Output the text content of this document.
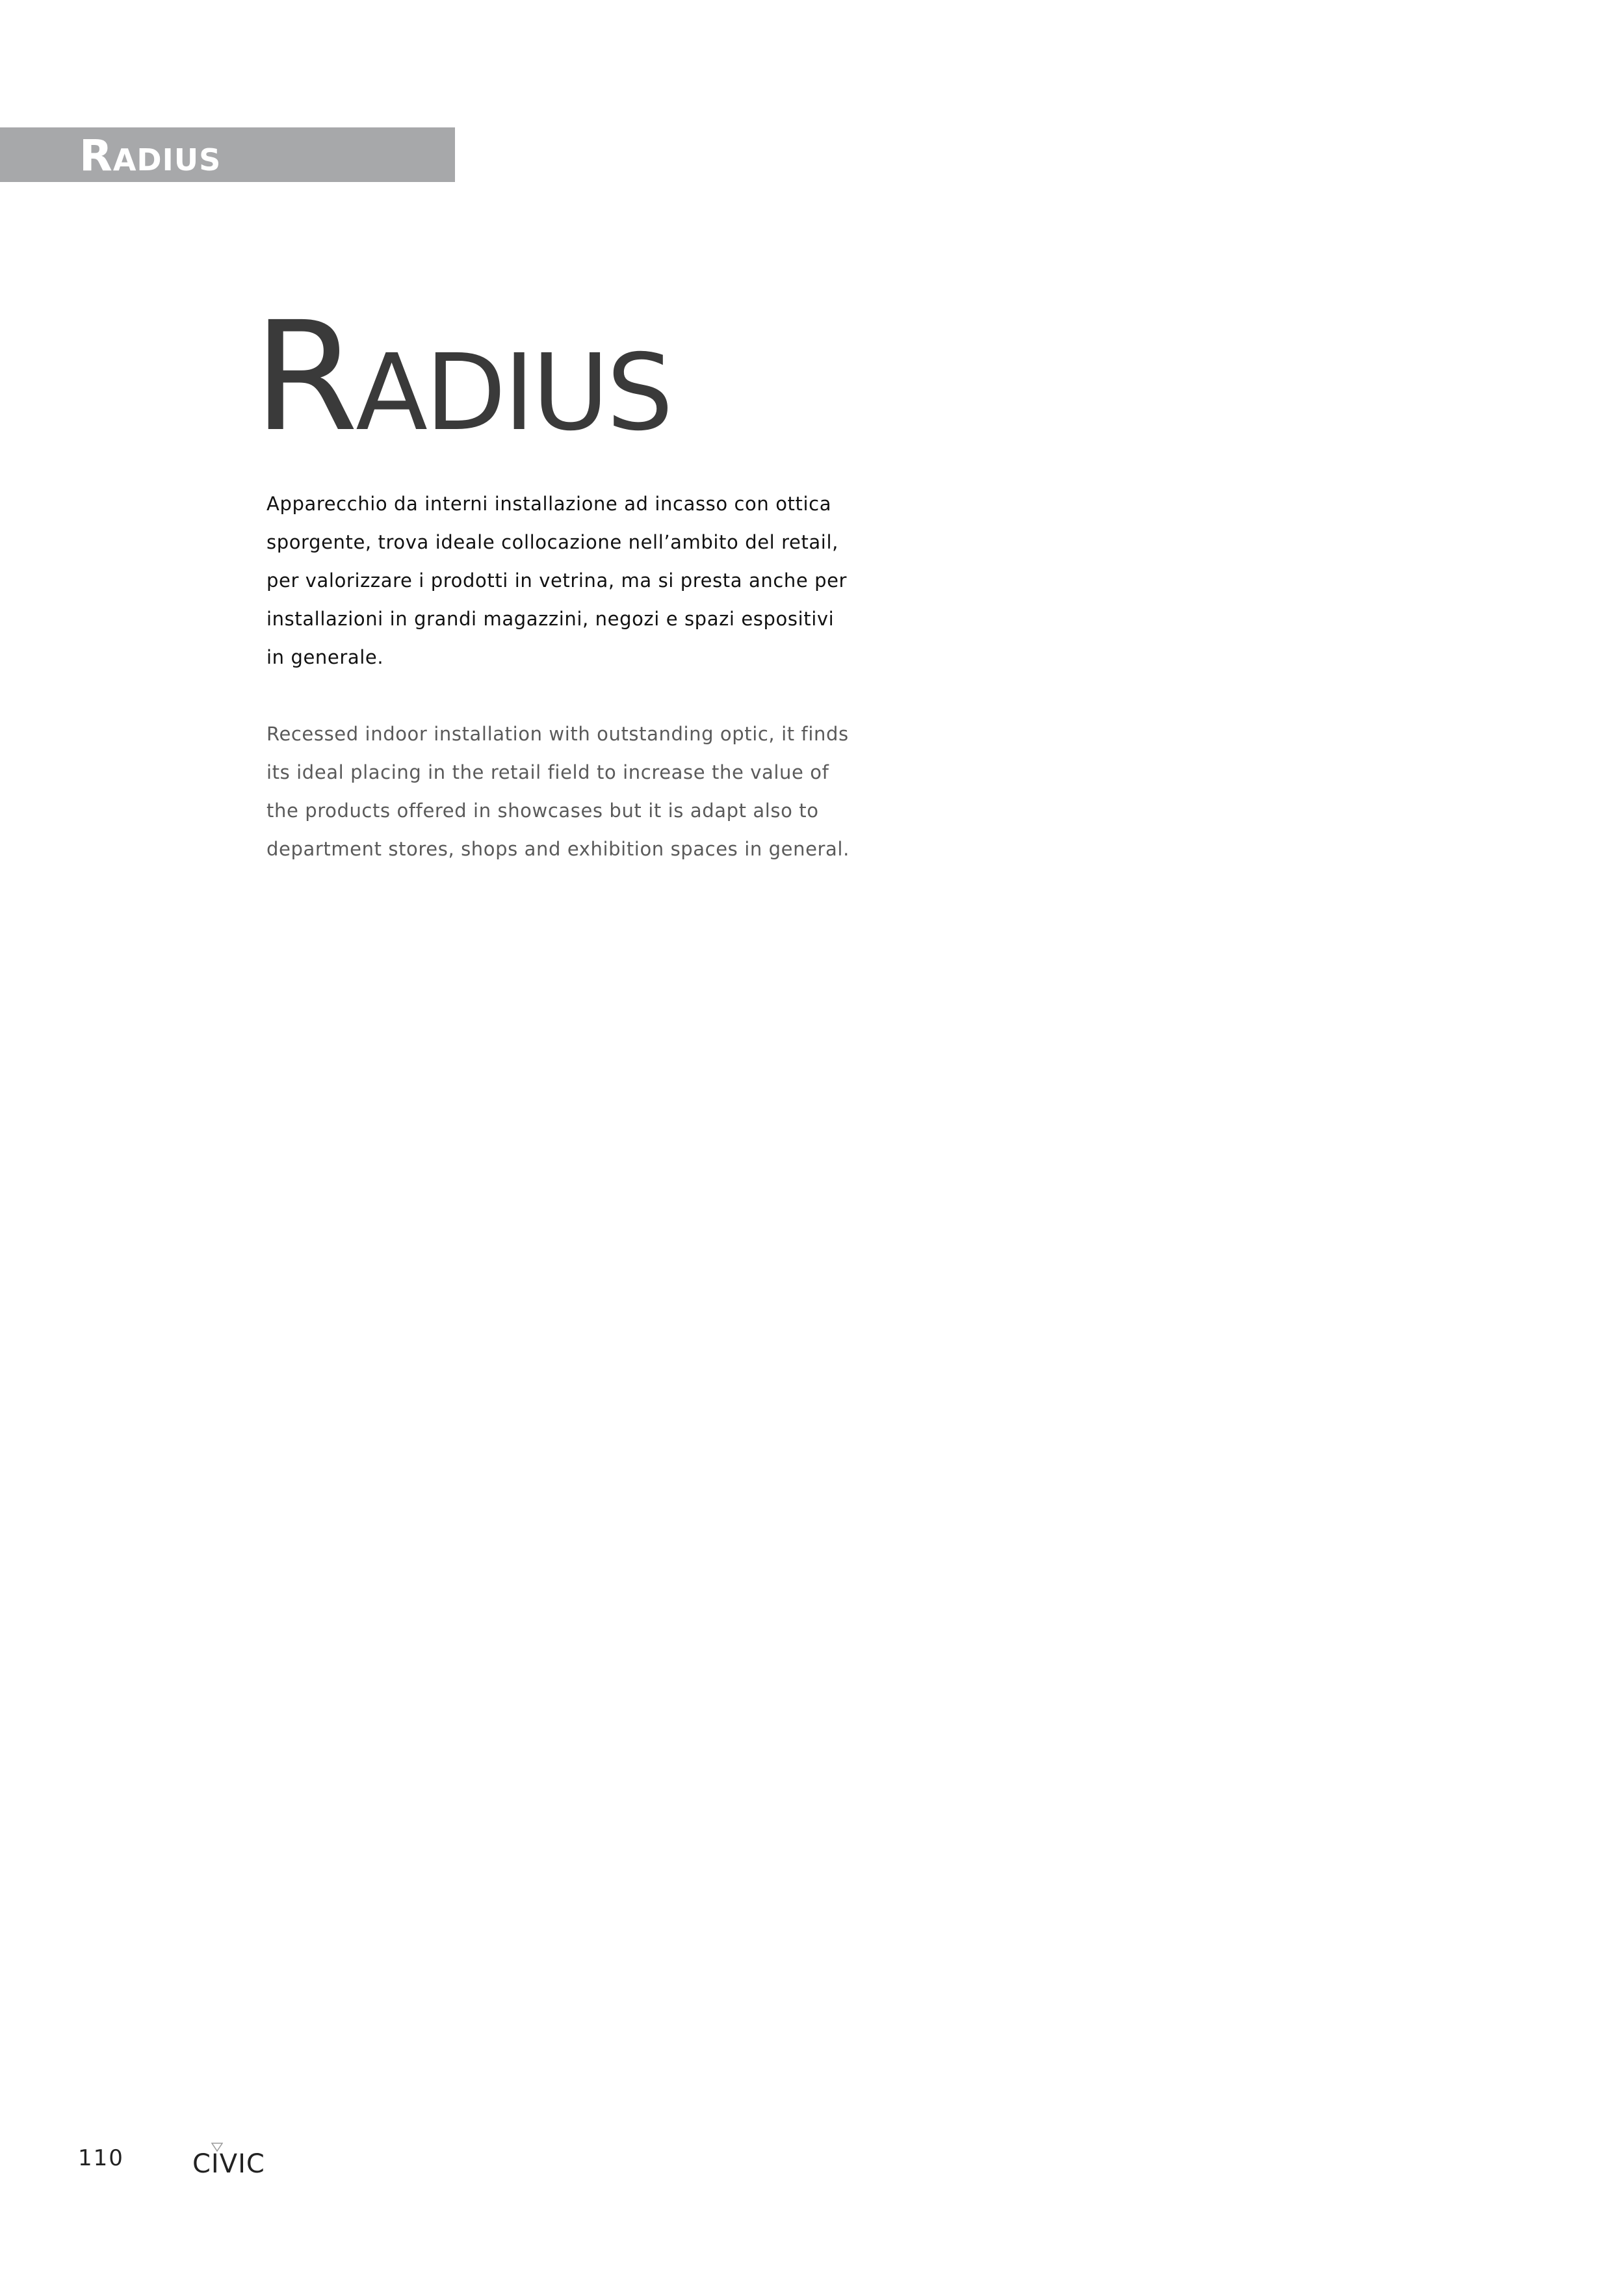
Radius
Radius
Apparecchio da interni installazione ad incasso con ottica
sporgente, trova ideale collocazione nell’ambito del retail,
per valorizzare i prodotti in vetrina, ma si presta anche per
installazioni in grandi magazzini, negozi e spazi espositivi
in generale.
Recessed indoor installation with outstanding optic, it finds
its ideal placing in the retail field to increase the value of
the products offered in showcases but it is adapt also to
department stores, shops and exhibition spaces in general.
110	CIVIC
